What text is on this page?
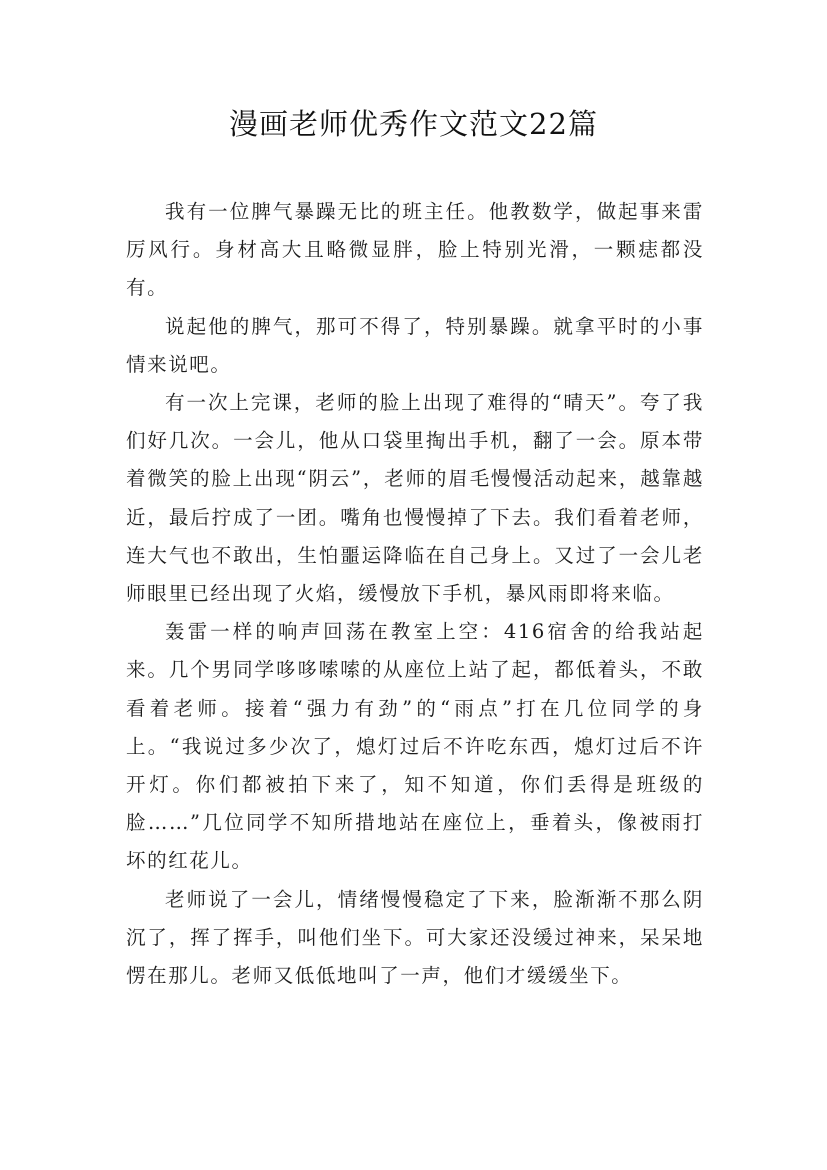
漫画老师优秀作文范文22篇

我有一位脾气暴躁无比的班主任。他教数学，做起事来雷厉风行。身材高大且略微显胖，脸上特别光滑，一颗痣都没有。

说起他的脾气，那可不得了，特别暴躁。就拿平时的小事情来说吧。

有一次上完课，老师的脸上出现了难得的“晴天”。夸了我们好几次。一会儿，他从口袋里掏出手机，翻了一会。原本带着微笑的脸上出现“阴云”，老师的眉毛慢慢活动起来，越靠越近，最后拧成了一团。嘴角也慢慢掉了下去。我们看着老师，连大气也不敢出，生怕噩运降临在自己身上。又过了一会儿老师眼里已经出现了火焰，缓慢放下手机，暴风雨即将来临。

轰雷一样的响声回荡在教室上空：416宿舍的给我站起来。几个男同学哆哆嗦嗦的从座位上站了起，都低着头，不敢看着老师。接着“强力有劲”的“雨点”打在几位同学的身上。“我说过多少次了，熄灯过后不许吃东西，熄灯过后不许开灯。你们都被拍下来了，知不知道，你们丢得是班级的脸……”几位同学不知所措地站在座位上，垂着头，像被雨打坏的红花儿。

老师说了一会儿，情绪慢慢稳定了下来，脸渐渐不那么阴沉了，挥了挥手，叫他们坐下。可大家还没缓过神来，呆呆地愣在那儿。老师又低低地叫了一声，他们才缓缓坐下。
